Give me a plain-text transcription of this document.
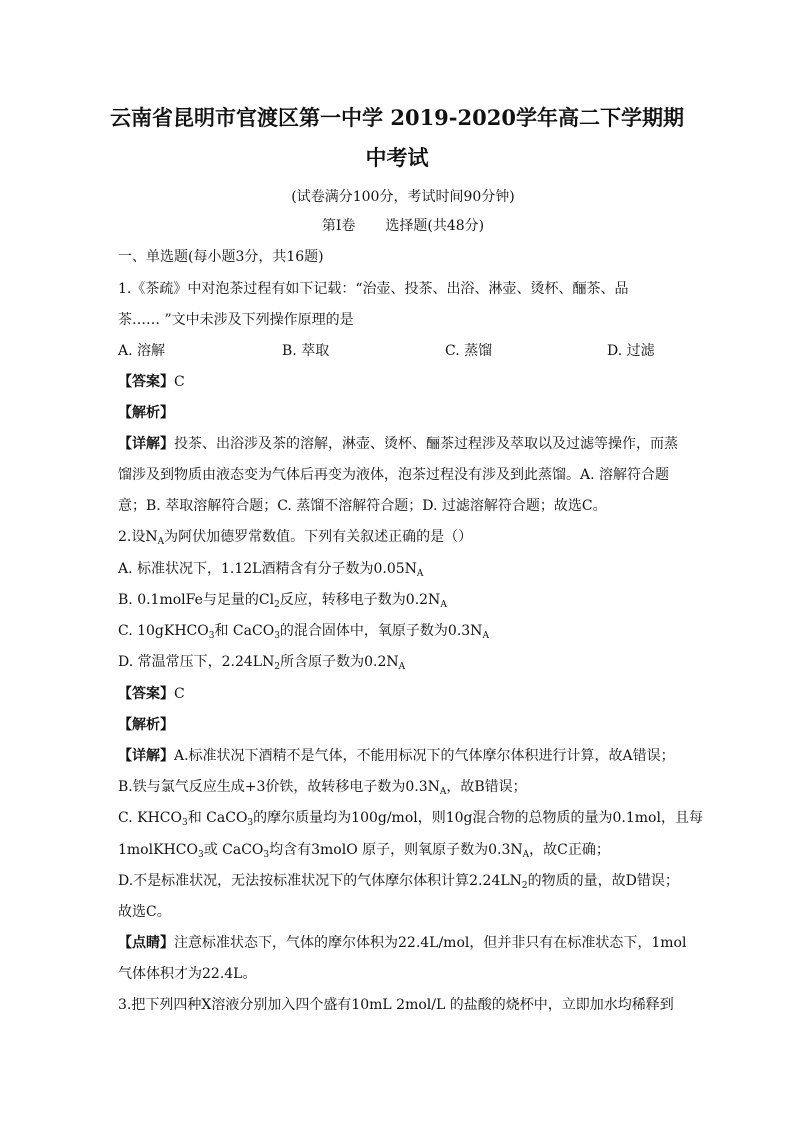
云南省昆明市官渡区第一中学 2019-2020学年高二下学期期
中考试
(试卷满分100分，考试时间90分钟)
第Ⅰ卷 选择题(共48分)
一、单选题(每小题3分，共16题)
1.《茶疏》中对泡茶过程有如下记载：“治壶、投茶、出浴、淋壶、烫杯、酾茶、品
茶…… ”文中未涉及下列操作原理的是
A. 溶解	B. 萃取	C. 蒸馏	D. 过滤
【答案】C
【解析】
【详解】投茶、出浴涉及茶的溶解，淋壶、烫杯、酾茶过程涉及萃取以及过滤等操作，而蒸
馏涉及到物质由液态变为气体后再变为液体，泡茶过程没有涉及到此蒸馏。A. 溶解符合题
意；B. 萃取溶解符合题；C. 蒸馏不溶解符合题；D. 过滤溶解符合题；故选C。
2.设$N_A$为阿伏加德罗常数值。下列有关叙述正确的是（）
A. 标准状况下，1.12L酒精含有分子数为$0.05N_A$
B. 0.1molFe与足量的$Cl_2$反应，转移电子数为$0.2N_A$
C. 10gKHCO$_3$和 CaCO$_3$的混合固体中，氧原子数为$0.3N_A$
D. 常温常压下，$2.24LN_2$所含原子数为$0.2N_A$
【答案】C
【解析】
【详解】A.标准状况下酒精不是气体，不能用标况下的气体摩尔体积进行计算，故A错误；
B.铁与氯气反应生成+3价铁，故转移电子数为$0.3N_A$，故B错误；
C. $KHCO_3$和 CaCO$_3$的摩尔质量均为100g/mol，则10g混合物的总物质的量为0.1mol，且每
1molKHCO$_3$或 CaCO$_3$均含有3molO 原子，则氧原子数为$0.3N_A$，故C正确；
D.不是标准状况，无法按标准状况下的气体摩尔体积计算$2.24LN_2$的物质的量，故D错误；
故选C。
【点睛】注意标准状态下，气体的摩尔体积为22.4L/mol，但并非只有在标准状态下，1mol
气体体积才为22.4L。
3.把下列四种X溶液分别加入四个盛有10mL 2mol/L 的盐酸的烧杯中，立即加水均稀释到
